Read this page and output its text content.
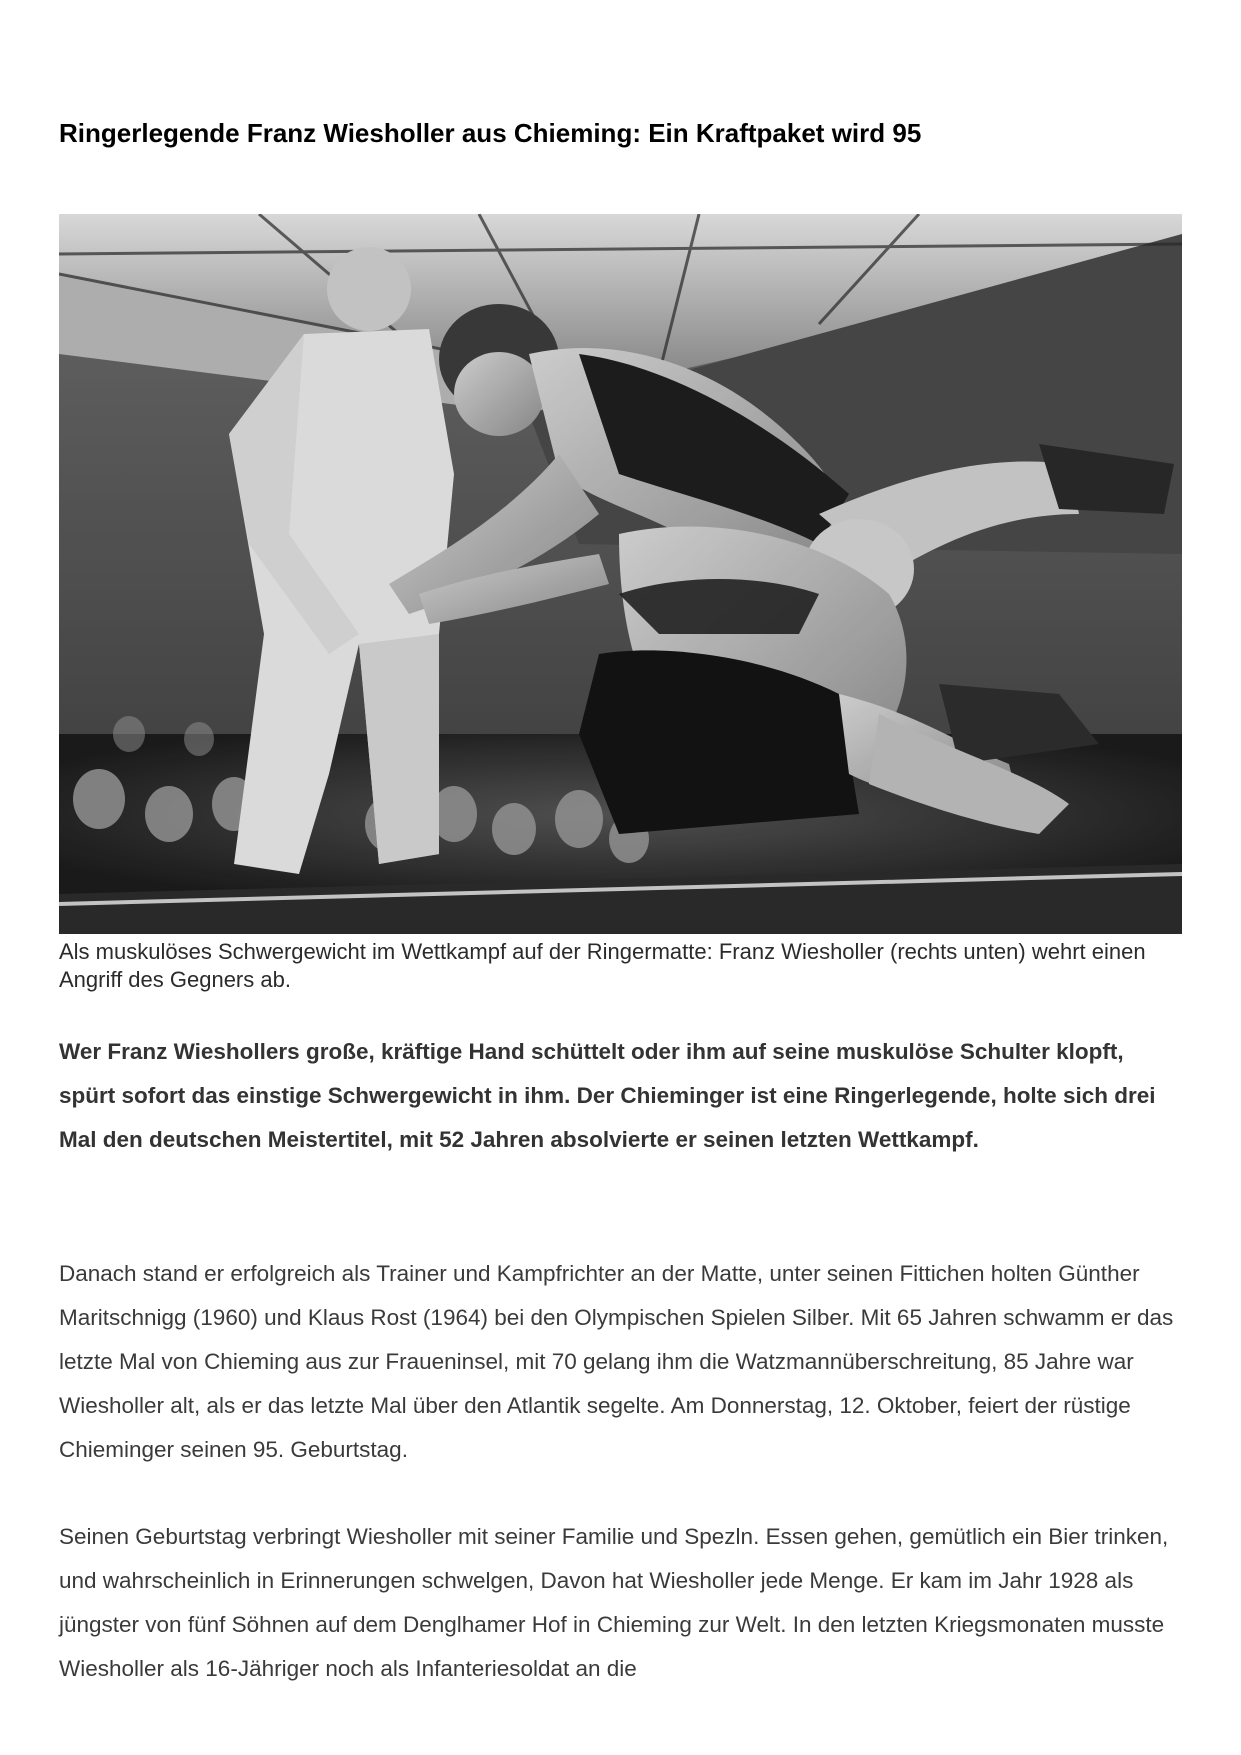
Ringerlegende Franz Wiesholler aus Chieming: Ein Kraftpaket wird 95

Als muskulöses Schwergewicht im Wettkampf auf der Ringermatte: Franz Wiesholler (rechts unten) wehrt einen Angriff des Gegners ab.

Wer Franz Wieshollers große, kräftige Hand schüttelt oder ihm auf seine muskulöse Schulter klopft, spürt sofort das einstige Schwergewicht in ihm. Der Chieminger ist eine Ringerlegende, holte sich drei Mal den deutschen Meistertitel, mit 52 Jahren absolvierte er seinen letzten Wettkampf.

Danach stand er erfolgreich als Trainer und Kampfrichter an der Matte, unter seinen Fittichen holten Günther Maritschnigg (1960) und Klaus Rost (1964) bei den Olympischen Spielen Silber. Mit 65 Jahren schwamm er das letzte Mal von Chieming aus zur Fraueninsel, mit 70 gelang ihm die Watzmannüberschreitung, 85 Jahre war Wiesholler alt, als er das letzte Mal über den Atlantik segelte. Am Donnerstag, 12. Oktober, feiert der rüstige Chieminger seinen 95. Geburtstag.

Seinen Geburtstag verbringt Wiesholler mit seiner Familie und Spezln. Essen gehen, gemütlich ein Bier trinken, und wahrscheinlich in Erinnerungen schwelgen, Davon hat Wiesholler jede Menge. Er kam im Jahr 1928 als jüngster von fünf Söhnen auf dem Denglhamer Hof in Chieming zur Welt. In den letzten Kriegsmonaten musste Wiesholler als 16-Jähriger noch als Infanteriesoldat an die
